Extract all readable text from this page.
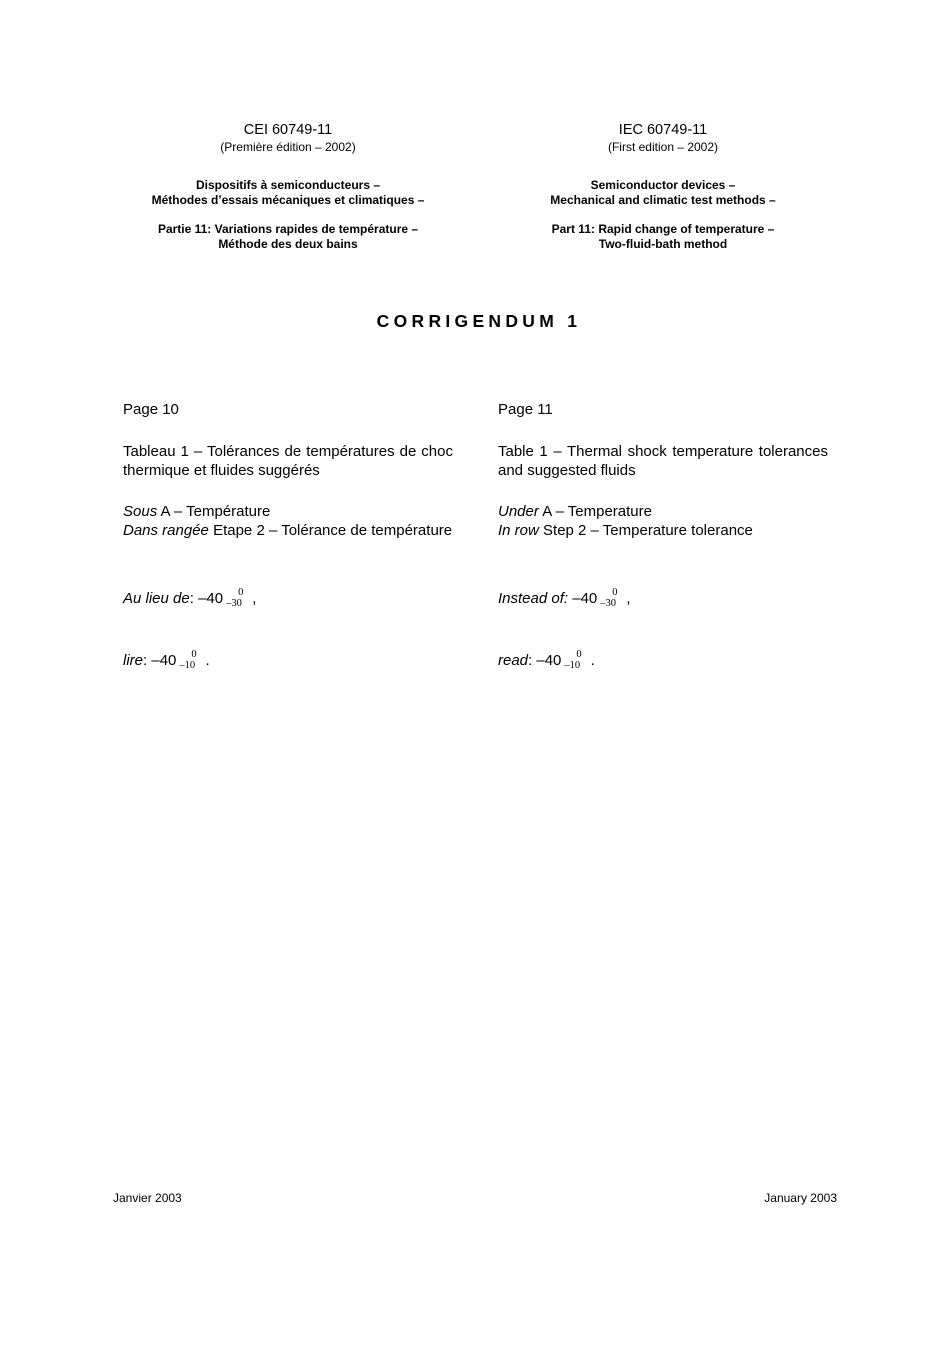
CEI 60749-11
(Première édition – 2002)
Dispositifs à semiconducteurs –
Méthodes d’essais mécaniques et climatiques –
Partie 11: Variations rapides de température –
Méthode des deux bains
IEC 60749-11
(First edition – 2002)
Semiconductor devices –
Mechanical and climatic test methods –
Part 11: Rapid change of temperature –
Two-fluid-bath method
CORRIGENDUM 1
Page 10
Tableau 1 – Tolérances de températures de choc thermique et fluides suggérés
Sous A – Température
Dans rangée Etape 2 – Tolérance de température
Au lieu de: –40 0
–30 ,
lire: –40 0
–10 .
Page 11
Table 1 – Thermal shock temperature tolerances and suggested fluids
Under A – Temperature
In row Step 2 – Temperature tolerance
Instead of: –40 0
–30 ,
read: –40 0
–10 .
Janvier 2003	January 2003
